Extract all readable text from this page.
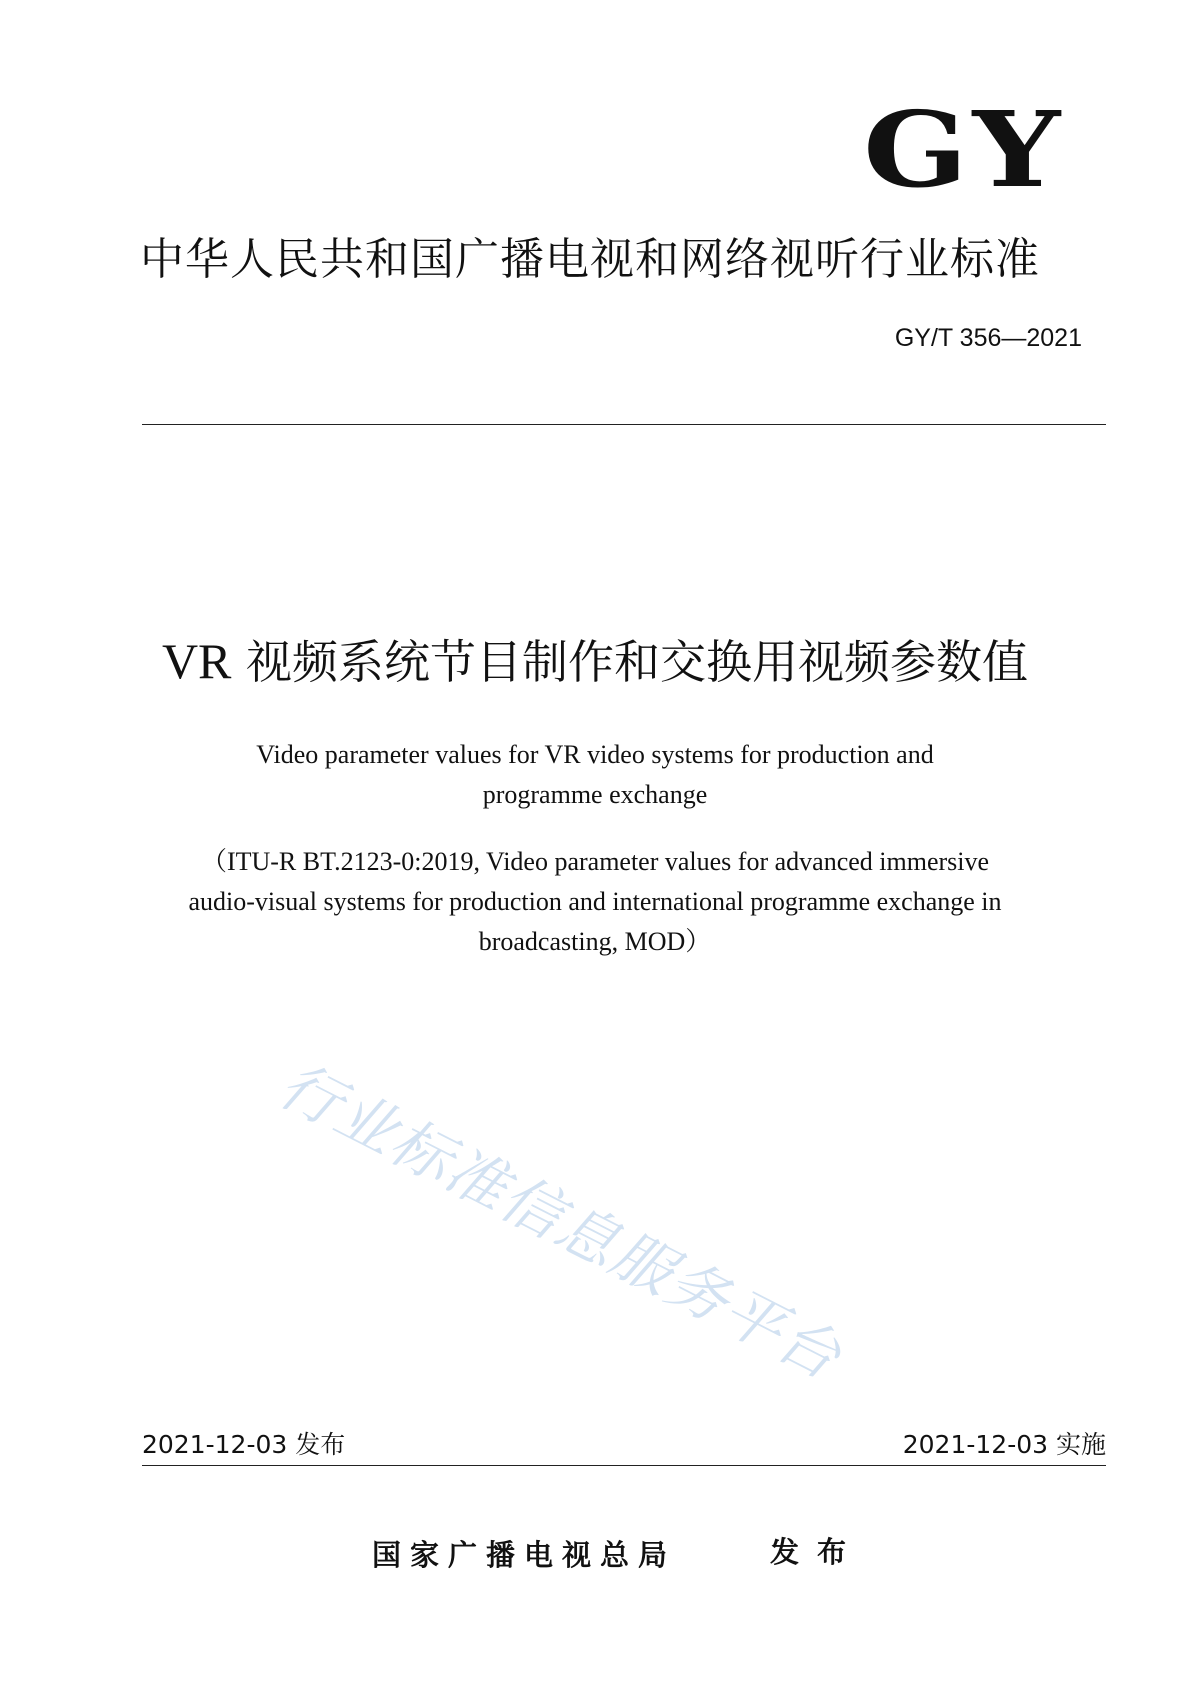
GY
中华人民共和国广播电视和网络视听行业标准
GY/T 356—2021
VR 视频系统节目制作和交换用视频参数值
Video parameter values for VR video systems for production and
programme exchange
（ITU-R BT.2123-0:2019, Video parameter values for advanced immersive
audio-visual systems for production and international programme exchange in
broadcasting, MOD）
行业标准信息服务平台
2021-12-03 发布	2021-12-03 实施
国家广播电视总局	发布
